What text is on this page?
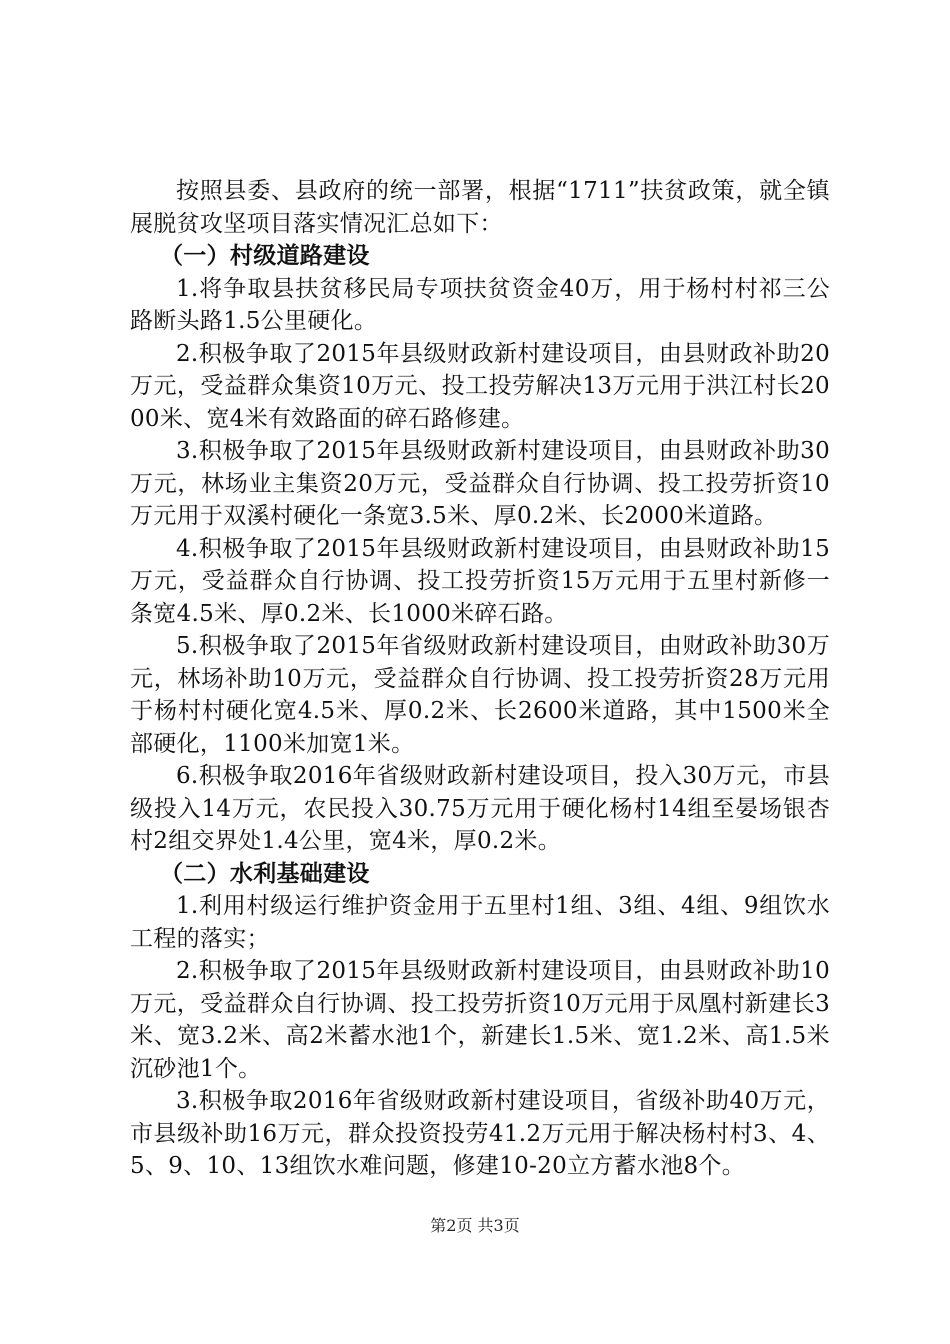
按照县委、县政府的统一部署，根据“1711”扶贫政策，就全镇展脱贫攻坚项目落实情况汇总如下：

（一）村级道路建设

1.将争取县扶贫移民局专项扶贫资金40万，用于杨村村祁三公路断头路1.5公里硬化。

2.积极争取了2015年县级财政新村建设项目，由县财政补助20万元，受益群众集资10万元、投工投劳解决13万元用于洪江村长2000米、宽4米有效路面的碎石路修建。

3.积极争取了2015年县级财政新村建设项目，由县财政补助30万元，林场业主集资20万元，受益群众自行协调、投工投劳折资10万元用于双溪村硬化一条宽3.5米、厚0.2米、长2000米道路。

4.积极争取了2015年县级财政新村建设项目，由县财政补助15万元，受益群众自行协调、投工投劳折资15万元用于五里村新修一条宽4.5米、厚0.2米、长1000米碎石路。

5.积极争取了2015年省级财政新村建设项目，由财政补助30万元，林场补助10万元，受益群众自行协调、投工投劳折资28万元用于杨村村硬化宽4.5米、厚0.2米、长2600米道路，其中1500米全部硬化，1100米加宽1米。

6.积极争取2016年省级财政新村建设项目，投入30万元，市县级投入14万元，农民投入30.75万元用于硬化杨村14组至晏场银杏村2组交界处1.4公里，宽4米，厚0.2米。

（二）水利基础建设

1.利用村级运行维护资金用于五里村1组、3组、4组、9组饮水工程的落实；

2.积极争取了2015年县级财政新村建设项目，由县财政补助10万元，受益群众自行协调、投工投劳折资10万元用于凤凰村新建长3米、宽3.2米、高2米蓄水池1个，新建长1.5米、宽1.2米、高1.5米沉砂池1个。

3.积极争取2016年省级财政新村建设项目，省级补助40万元，市县级补助16万元，群众投资投劳41.2万元用于解决杨村村3、4、5、9、10、13组饮水难问题，修建10-20立方蓄水池8个。

第2页 共3页
